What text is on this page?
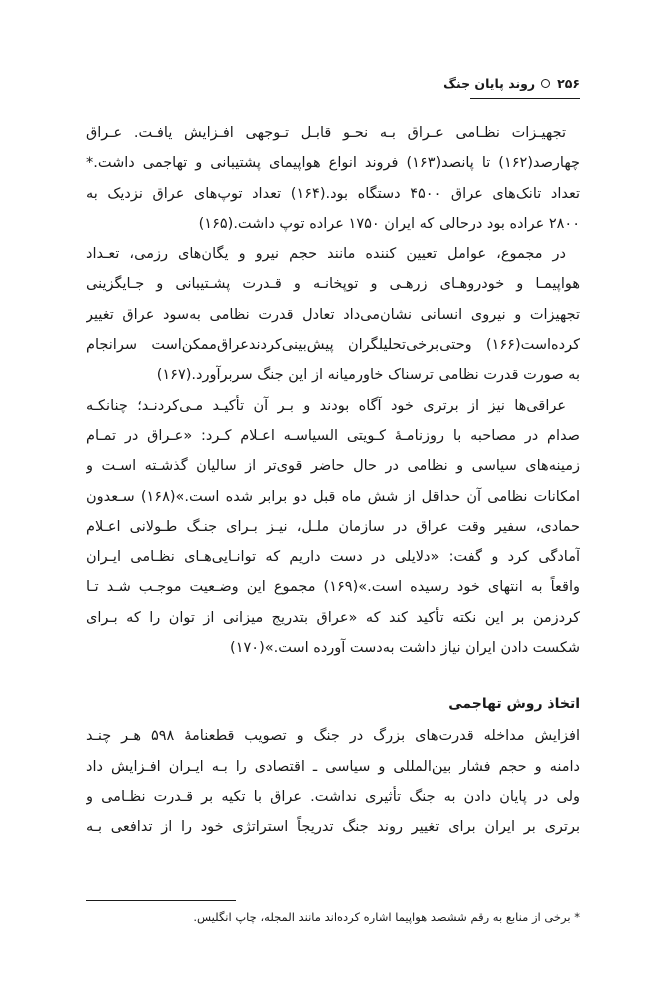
۲۵۶روند پایان جنگ
تجهیـزات نظـامی عـراق بـه نحـو قابـل تـوجهی افـزایش یافـت. عـراق
چهارصد(۱۶۲) تا پانصد(۱۶۳) فروند انواع هواپیمای پشتیبانی و تهاجمی داشت.*
تعداد تانک‌های عراق ۴۵۰۰ دستگاه بود.(۱۶۴) تعداد توپ‌های عراق نزدیک به
۲۸۰۰ عراده بود درحالی که ایران ۱۷۵۰ عراده توپ داشت.(۱۶۵)
در مجموع، عوامل تعیین کننده مانند حجم نیرو و یگان‌های رزمی، تعـداد
هواپیمـا و خودروهـای زرهـی و توپخانـه و قـدرت پشـتیبانی و جـایگزینی
تجهیزات و نیروی انسانی نشان‌می‌داد تعادل قدرت نظامی به‌سود عراق تغییر
کرده‌است(۱۶۶) وحتی‌برخی‌تحلیلگران پیش‌بینی‌کردندعراق‌ممکن‌است سرانجام
به صورت قدرت نظامی ترسناک خاورمیانه از این جنگ سربرآورد.(۱۶۷)
عراقی‌ها نیز از برتری خود آگاه بودند و بـر آن تأکیـد مـی‌کردنـد؛ چنانکـه
صدام در مصاحبه با روزنامـهٔ کـویتی السیاسـه اعـلام کـرد: «عـراق در تمـام
زمینه‌های سیاسی و نظامی در حال حاضر قوی‌تر از سالیان گذشـته اسـت و
امکانات نظامی آن حداقل از شش ماه قبل دو برابر شده است.»(۱۶۸) سـعدون
حمادی، سفیر وقت عراق در سازمان ملـل، نیـز بـرای جنـگ طـولانی اعـلام
آمادگی کرد و گفت: «دلایلی در دست داریم که توانـایی‌هـای نظـامی ایـران
واقعاً به انتهای خود رسیده است.»(۱۶۹) مجموع این وضـعیت موجـب شـد تـا
کردزمن بر این نکته تأکید کند که «عراق بتدریج میزانی از توان را که بـرای
شکست دادن ایران نیاز داشت به‌دست آورده است.»(۱۷۰)
اتخاذ روش تهاجمی
افزایش مداخله قدرت‌های بزرگ در جنگ و تصویب قطعنامهٔ ۵۹۸ هـر چنـد
دامنه و حجم فشار بین‌المللی و سیاسی ـ اقتصادی را بـه ایـران افـزایش داد
ولی در پایان دادن به جنگ تأثیری نداشت. عراق با تکیه بر قـدرت نظـامی و
برتری بر ایران برای تغییر روند جنگ تدریجاً استراتژی خود را از تدافعی بـه
* برخی از منابع به رقم ششصد هواپیما اشاره کرده‌اند مانند المجله، چاپ انگلیس.
